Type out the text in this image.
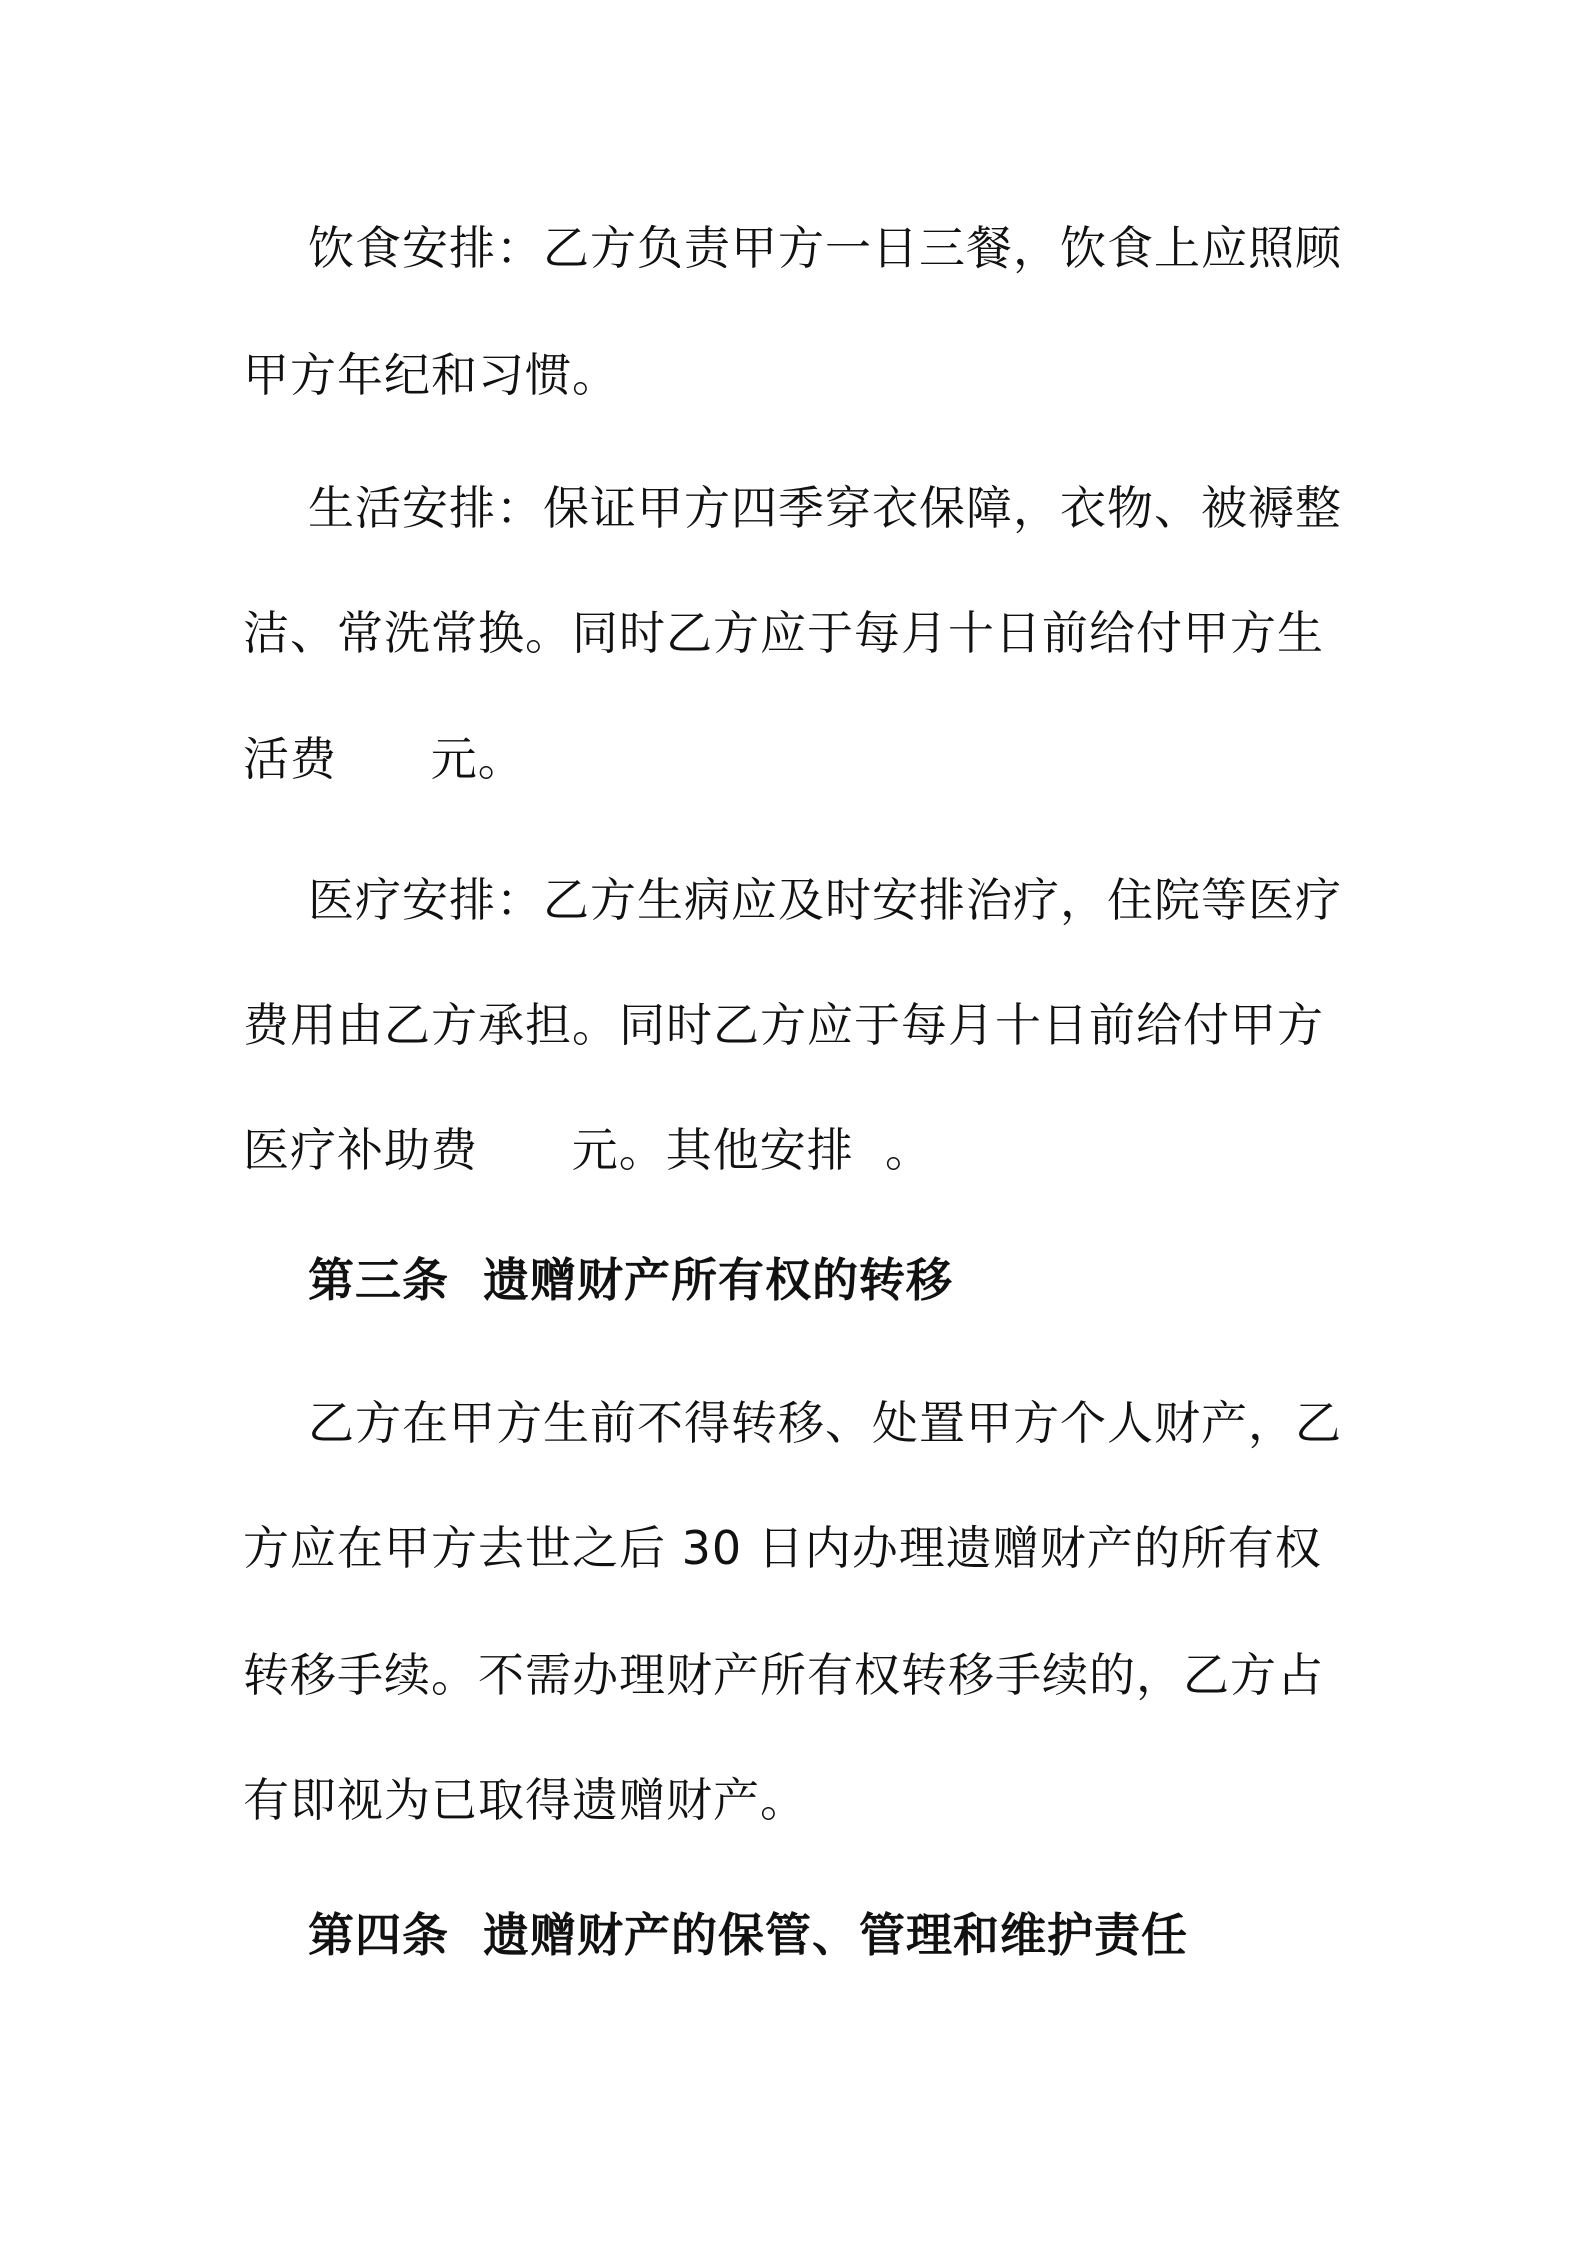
饮食安排：乙方负责甲方一日三餐，饮食上应照顾
甲方年纪和习惯。
生活安排：保证甲方四季穿衣保障，衣物、被褥整
洁、常洗常换。同时乙方应于每月十日前给付甲方生
活费      元。
医疗安排：乙方生病应及时安排治疗，住院等医疗
费用由乙方承担。同时乙方应于每月十日前给付甲方
医疗补助费      元。其他安排  。
第三条  遗赠财产所有权的转移
乙方在甲方生前不得转移、处置甲方个人财产，乙
方应在甲方去世之后 30 日内办理遗赠财产的所有权
转移手续。不需办理财产所有权转移手续的，乙方占
有即视为已取得遗赠财产。
第四条  遗赠财产的保管、管理和维护责任
